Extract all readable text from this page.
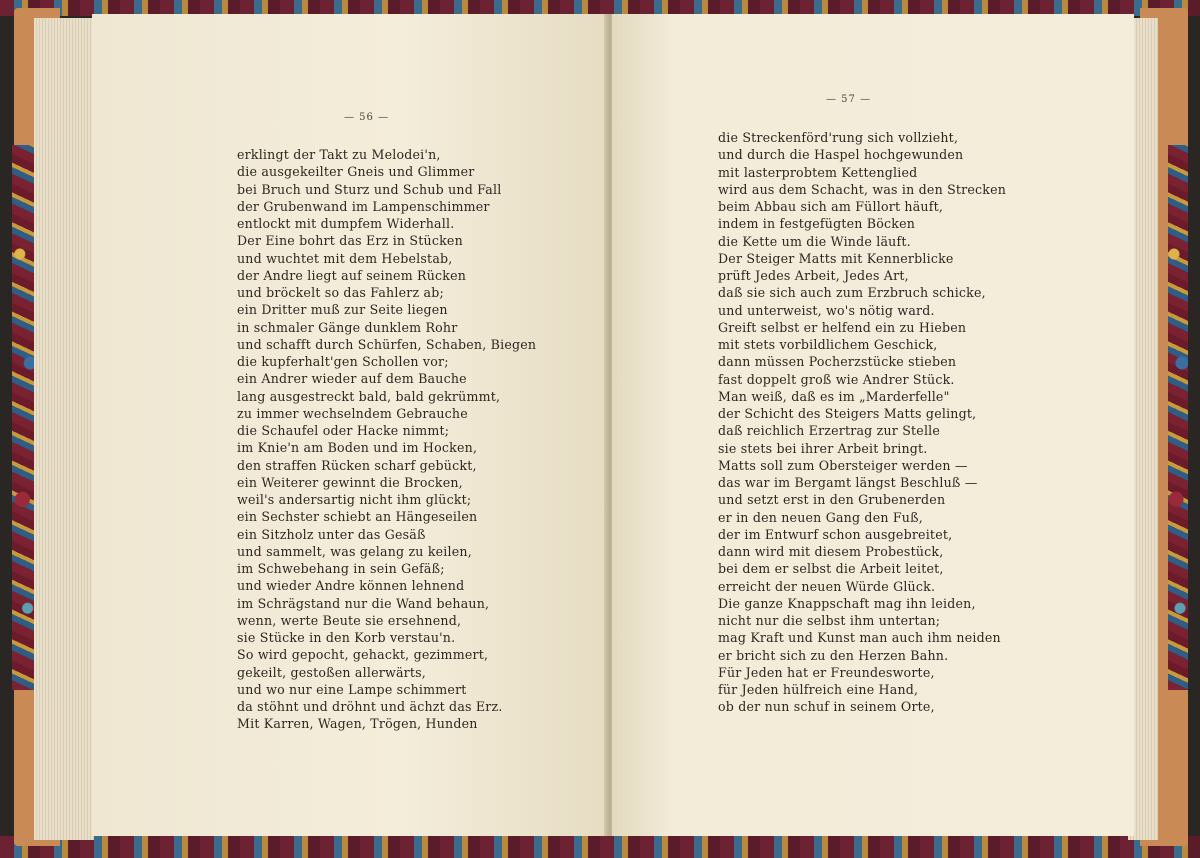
— 56 —
erklingt der Takt zu Melodei'n,
die ausgekeilter Gneis und Glimmer
bei Bruch und Sturz und Schub und Fall
der Grubenwand im Lampenschimmer
entlockt mit dumpfem Widerhall.
Der Eine bohrt das Erz in Stücken
und wuchtet mit dem Hebelstab,
der Andre liegt auf seinem Rücken
und bröckelt so das Fahlerz ab;
ein Dritter muß zur Seite liegen
in schmaler Gänge dunklem Rohr
und schafft durch Schürfen, Schaben, Biegen
die kupferhalt'gen Schollen vor;
ein Andrer wieder auf dem Bauche
lang ausgestreckt bald, bald gekrümmt,
zu immer wechselndem Gebrauche
die Schaufel oder Hacke nimmt;
im Knie'n am Boden und im Hocken,
den straffen Rücken scharf gebückt,
ein Weiterer gewinnt die Brocken,
weil's andersartig nicht ihm glückt;
ein Sechster schiebt an Hängeseilen
ein Sitzholz unter das Gesäß
und sammelt, was gelang zu keilen,
im Schwebehang in sein Gefäß;
und wieder Andre können lehnend
im Schrägstand nur die Wand behaun,
wenn, werte Beute sie ersehnend,
sie Stücke in den Korb verstau'n.
So wird gepocht, gehackt, gezimmert,
gekeilt, gestoßen allerwärts,
und wo nur eine Lampe schimmert
da stöhnt und dröhnt und ächzt das Erz.
Mit Karren, Wagen, Trögen, Hunden
— 57 —
die Streckenförd'rung sich vollzieht,
und durch die Haspel hochgewunden
mit lasterprobtem Kettenglied
wird aus dem Schacht, was in den Strecken
beim Abbau sich am Füllort häuft,
indem in festgefügten Böcken
die Kette um die Winde läuft.
Der Steiger Matts mit Kennerblicke
prüft Jedes Arbeit, Jedes Art,
daß sie sich auch zum Erzbruch schicke,
und unterweist, wo's nötig ward.
Greift selbst er helfend ein zu Hieben
mit stets vorbildlichem Geschick,
dann müssen Pocherzstücke stieben
fast doppelt groß wie Andrer Stück.
Man weiß, daß es im „Marderfelle"
der Schicht des Steigers Matts gelingt,
daß reichlich Erzertrag zur Stelle
sie stets bei ihrer Arbeit bringt.
Matts soll zum Obersteiger werden —
das war im Bergamt längst Beschluß —
und setzt erst in den Grubenerden
er in den neuen Gang den Fuß,
der im Entwurf schon ausgebreitet,
dann wird mit diesem Probestück,
bei dem er selbst die Arbeit leitet,
erreicht der neuen Würde Glück.
Die ganze Knappschaft mag ihn leiden,
nicht nur die selbst ihm untertan;
mag Kraft und Kunst man auch ihm neiden
er bricht sich zu den Herzen Bahn.
Für Jeden hat er Freundesworte,
für Jeden hülfreich eine Hand,
ob der nun schuf in seinem Orte,
